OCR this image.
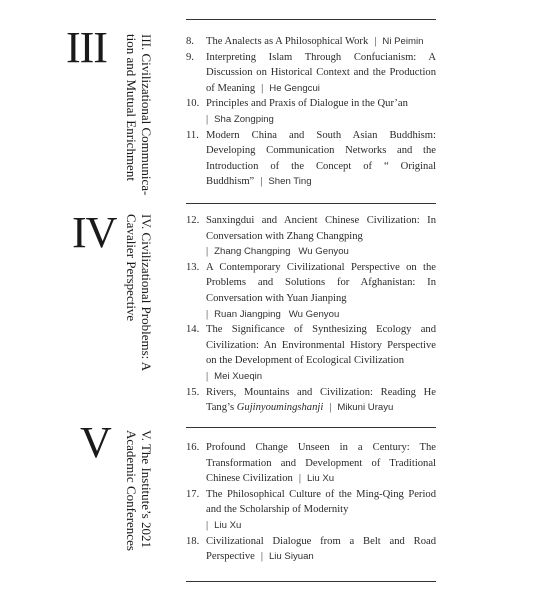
III	III. Civilizational Communica-
tion and Mutual Enrichment	8.	The Analects as A Philosophical Work | Ni Peimin
9.	Interpreting Islam Through Confucianism: A Discussion on Historical Context and the Production of Meaning | He Gengcui
10. Principles and Praxis of Dialogue in the Qur’an
| Sha Zongping
11. Modern China and South Asian Buddhism: Developing Communication Networks and the Introduction of the Concept of “ Original Buddhism” | Shen Ting
IV	IV. Civilizational Problems: A
Cavalier Perspective	12. Sanxingdui and Ancient Chinese Civilization: In Conversation with Zhang Changping
| Zhang Changping   Wu Genyou
13. A Contemporary Civilizational Perspective on the Problems and Solutions for Afghanistan: In Conversation with Yuan Jianping
| Ruan Jiangping   Wu Genyou
14. The Significance of Synthesizing Ecology and Civilization: An Environmental History Perspective on the Development of Ecological Civilization
| Mei Xueqin
15. Rivers, Mountains and Civilization: Reading He Tang’s Gujinyoumingshanji | Mikuni Urayu
V	V. The Institute’s 2021
Academic Conferences	16. Profound Change Unseen in a Century: The Transformation and Development of Traditional Chinese Civilization | Liu Xu
17. The Philosophical Culture of the Ming-Qing Period and the Scholarship of Modernity
| Liu Xu
18. Civilizational Dialogue from a Belt and Road Perspective | Liu Siyuan
